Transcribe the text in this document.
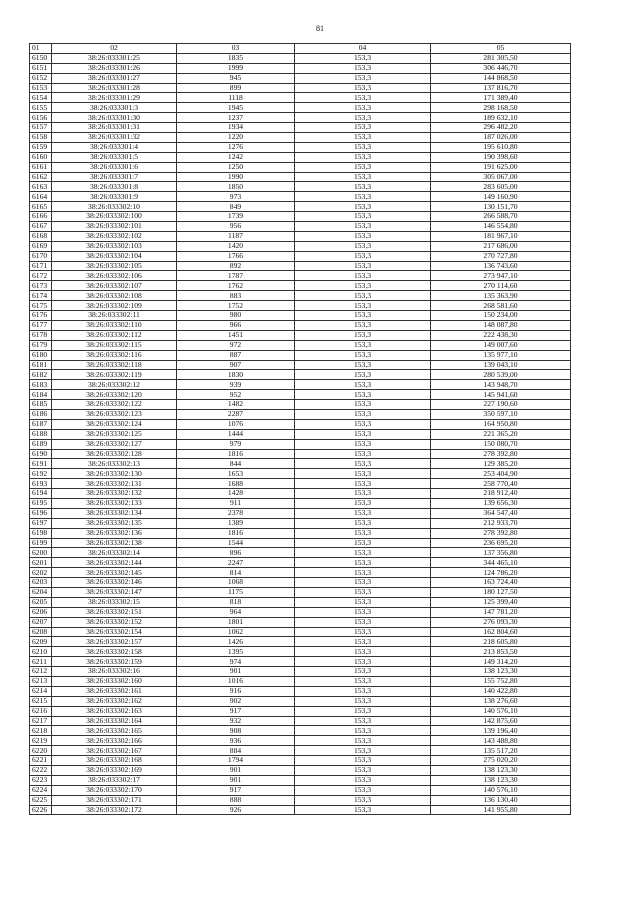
81
01	02	03	04	05
6150	38:26:033301:25	1835	153,3	281 305,50
6151	38:26:033301:26	1999	153,3	306 446,70
6152	38:26:033301:27	945	153,3	144 868,50
6153	38:26:033301:28	899	153,3	137 816,70
6154	38:26:033301:29	1118	153,3	171 389,40
6155	38:26:033301:3	1945	153,3	298 168,50
6156	38:26:033301:30	1237	153,3	189 632,10
6157	38:26:033301:31	1934	153,3	296 482,20
6158	38:26:033301:32	1220	153,3	187 026,00
6159	38:26:033301:4	1276	153,3	195 610,80
6160	38:26:033301:5	1242	153,3	190 398,60
6161	38:26:033301:6	1250	153,3	191 625,00
6162	38:26:033301:7	1990	153,3	305 067,00
6163	38:26:033301:8	1850	153,3	283 605,00
6164	38:26:033301:9	973	153,3	149 160,90
6165	38:26:033302:10	849	153,3	130 151,70
6166	38:26:033302:100	1739	153,3	266 588,70
6167	38:26:033302:101	956	153,3	146 554,80
6168	38:26:033302:102	1187	153,3	181 967,10
6169	38:26:033302:103	1420	153,3	217 686,00
6170	38:26:033302:104	1766	153,3	270 727,80
6171	38:26:033302:105	892	153,3	136 743,60
6172	38:26:033302:106	1787	153,3	273 947,10
6173	38:26:033302:107	1762	153,3	270 114,60
6174	38:26:033302:108	883	153,3	135 363,90
6175	38:26:033302:109	1752	153,3	268 581,60
6176	38:26:033302:11	980	153,3	150 234,00
6177	38:26:033302:110	966	153,3	148 087,80
6178	38:26:033302:112	1451	153,3	222 438,30
6179	38:26:033302:115	972	153,3	149 007,60
6180	38:26:033302:116	887	153,3	135 977,10
6181	38:26:033302:118	907	153,3	139 043,10
6182	38:26:033302:119	1830	153,3	280 539,00
6183	38:26:033302:12	939	153,3	143 948,70
6184	38:26:033302:120	952	153,3	145 941,60
6185	38:26:033302:122	1482	153,3	227 190,60
6186	38:26:033302:123	2287	153,3	350 597,10
6187	38:26:033302:124	1076	153,3	164 950,80
6188	38:26:033302:125	1444	153,3	221 365,20
6189	38:26:033302:127	979	153,3	150 080,70
6190	38:26:033302:128	1816	153,3	278 392,80
6191	38:26:033302:13	844	153,3	129 385,20
6192	38:26:033302:130	1653	153,3	253 404,90
6193	38:26:033302:131	1688	153,3	258 770,40
6194	38:26:033302:132	1428	153,3	218 912,40
6195	38:26:033302:133	911	153,3	139 656,30
6196	38:26:033302:134	2378	153,3	364 547,40
6197	38:26:033302:135	1389	153,3	212 933,70
6198	38:26:033302:136	1816	153,3	278 392,80
6199	38:26:033302:138	1544	153,3	236 695,20
6200	38:26:033302:14	896	153,3	137 356,80
6201	38:26:033302:144	2247	153,3	344 465,10
6202	38:26:033302:145	814	153,3	124 786,20
6203	38:26:033302:146	1068	153,3	163 724,40
6204	38:26:033302:147	1175	153,3	180 127,50
6205	38:26:033302:15	818	153,3	125 399,40
6206	38:26:033302:151	964	153,3	147 781,20
6207	38:26:033302:152	1801	153,3	276 093,30
6208	38:26:033302:154	1062	153,3	162 804,60
6209	38:26:033302:157	1426	153,3	218 605,80
6210	38:26:033302:158	1395	153,3	213 853,50
6211	38:26:033302:159	974	153,3	149 314,20
6212	38:26:033302:16	901	153,3	138 123,30
6213	38:26:033302:160	1016	153,3	155 752,80
6214	38:26:033302:161	916	153,3	140 422,80
6215	38:26:033302:162	902	153,3	138 276,60
6216	38:26:033302:163	917	153,3	140 576,10
6217	38:26:033302:164	932	153,3	142 875,60
6218	38:26:033302:165	908	153,3	139 196,40
6219	38:26:033302:166	936	153,3	143 488,80
6220	38:26:033302:167	884	153,3	135 517,20
6221	38:26:033302:168	1794	153,3	275 020,20
6222	38:26:033302:169	901	153,3	138 123,30
6223	38:26:033302:17	901	153,3	138 123,30
6224	38:26:033302:170	917	153,3	140 576,10
6225	38:26:033302:171	888	153,3	136 130,40
6226	38:26:033302:172	926	153,3	141 955,80
